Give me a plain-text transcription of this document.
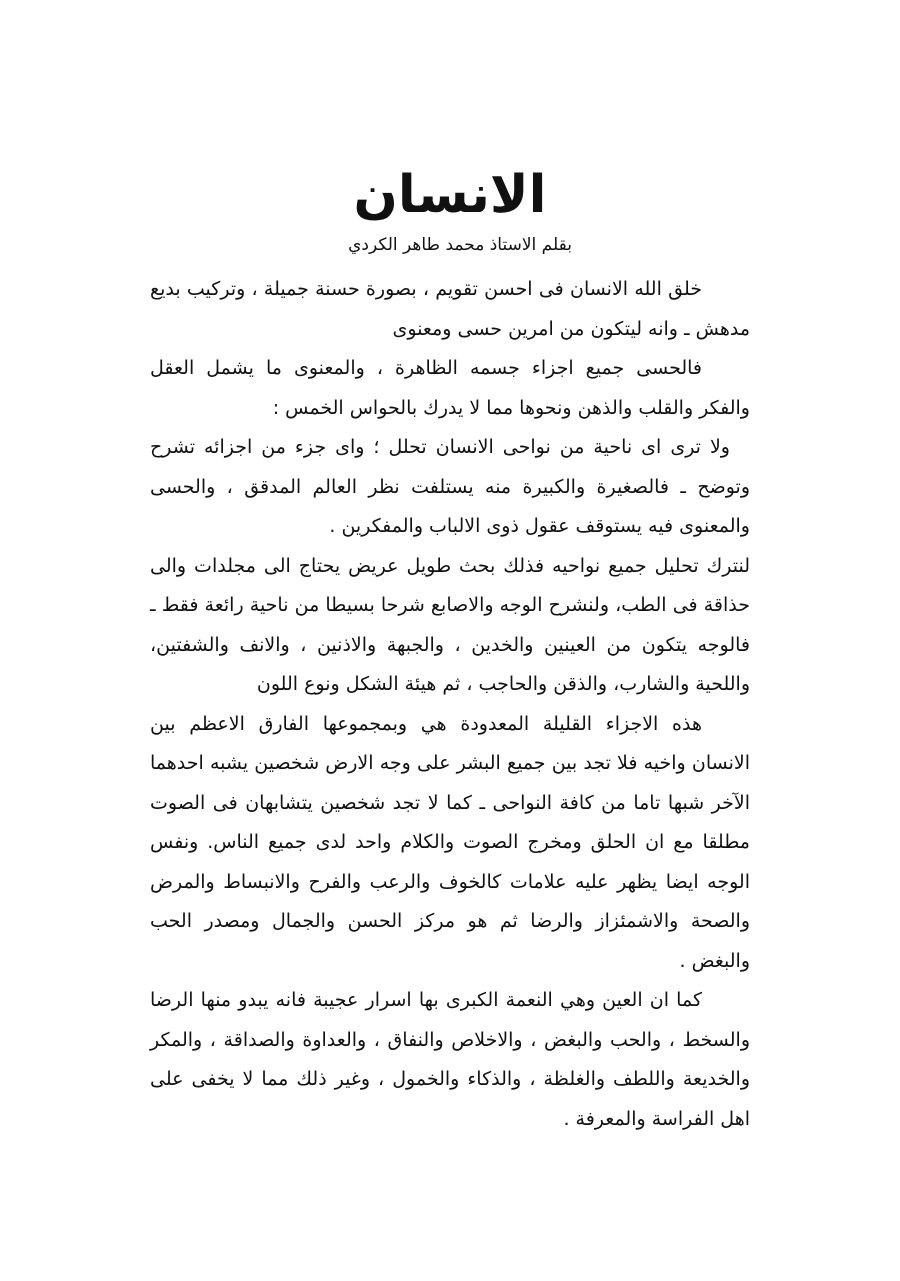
الانسان
بقلم الاستاذ محمد طاهر الكردي

خلق الله الانسان فى احسن تقويم ، بصورة حسنة جميلة ، وتركيب بديع مدهش ـ وانه ليتكون من امرين حسى ومعنوى

فالحسى جميع اجزاء جسمه الظاهرة ، والمعنوى ما يشمل العقل والفكر والقلب والذهن ونحوها مما لا يدرك بالحواس الخمس :

ولا ترى اى ناحية من نواحى الانسان تحلل ؛ واى جزء من اجزائه تشرح وتوضح ـ فالصغيرة والكبيرة منه يستلفت نظر العالم المدقق ، والحسى والمعنوى فيه يستوقف عقول ذوى الالباب والمفكرين .

لنترك تحليل جميع نواحيه فذلك بحث طويل عريض يحتاج الى مجلدات والى حذاقة فى الطب، ولنشرح الوجه والاصابع شرحا بسيطا من ناحية رائعة فقط ـ فالوجه يتكون من العينين والخدين ، والجبهة والاذنين ، والانف والشفتين، واللحية والشارب، والذقن والحاجب ، ثم هيئة الشكل ونوع اللون

هذه الاجزاء القليلة المعدودة هي وبمجموعها الفارق الاعظم بين الانسان واخيه فلا تجد بين جميع البشر على وجه الارض شخصين يشبه احدهما الآخر شبها تاما من كافة النواحى ـ كما لا تجد شخصين يتشابهان فى الصوت مطلقا مع ان الحلق ومخرج الصوت والكلام واحد لدى جميع الناس. ونفس الوجه ايضا يظهر عليه علامات كالخوف والرعب والفرح والانبساط والمرض والصحة والاشمئزاز والرضا ثم هو مركز الحسن والجمال ومصدر الحب والبغض .

كما ان العين وهي النعمة الكبرى بها اسرار عجيبة فانه يبدو منها الرضا والسخط ، والحب والبغض ، والاخلاص والنفاق ، والعداوة والصداقة ، والمكر والخديعة واللطف والغلظة ، والذكاء والخمول ، وغير ذلك مما لا يخفى على اهل الفراسة والمعرفة .
